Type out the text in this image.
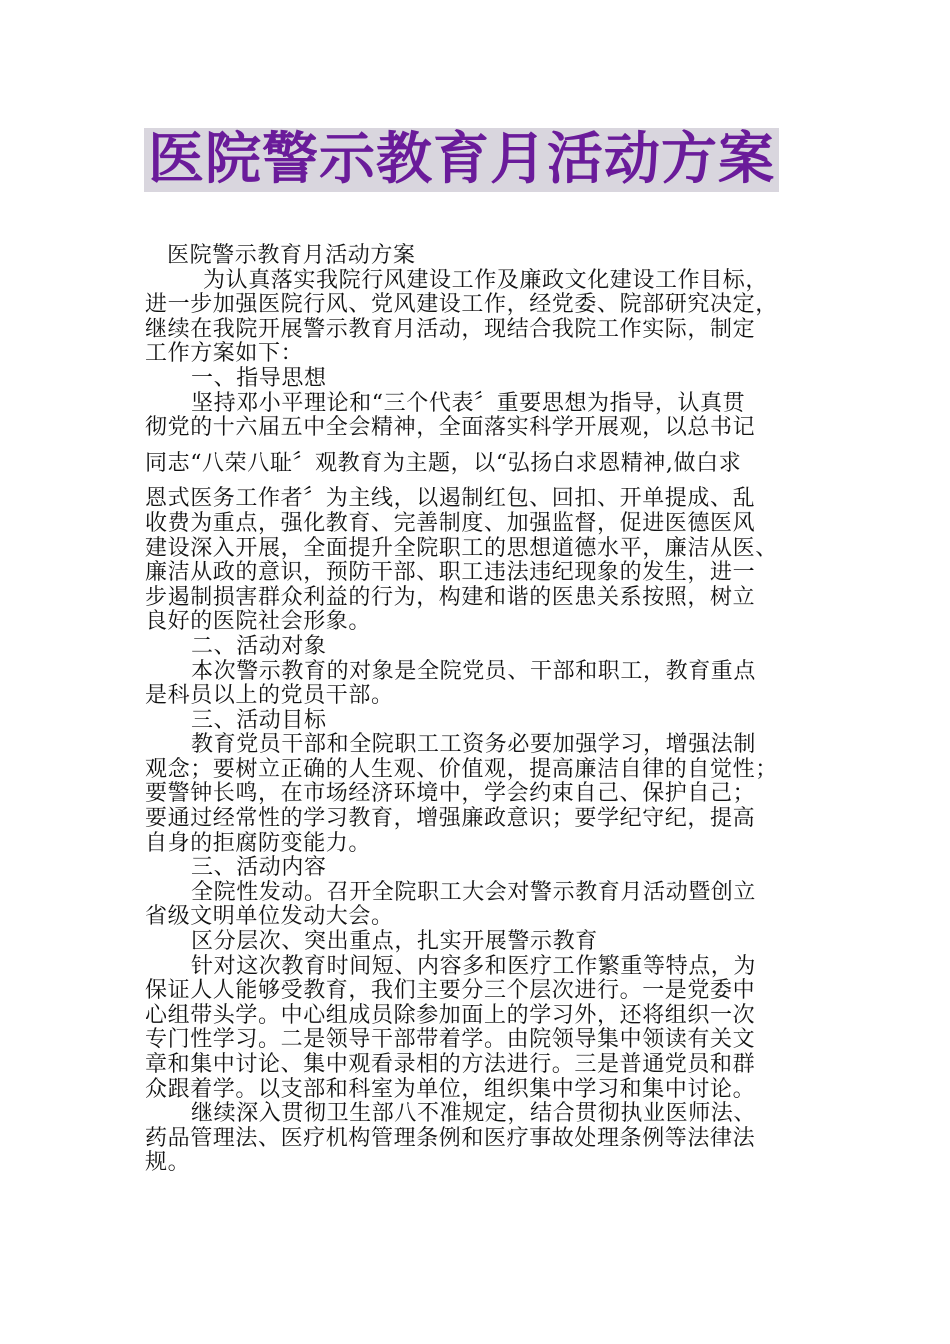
医院警示教育月活动方案

医院警示教育月活动方案

为认真落实我院行风建设工作及廉政文化建设工作目标，

进一步加强医院行风、党风建设工作，经党委、院部研究决定，

继续在我院开展警示教育月活动，现结合我院工作实际，制定

工作方案如下：

一、指导思想

坚持邓小平理论和“三个代表〞重要思想为指导，认真贯

彻党的十六届五中全会精神，全面落实科学开展观，以总书记

同志“八荣八耻〞观教育为主题，以“弘扬白求恩精神,做白求

恩式医务工作者〞为主线，以遏制红包、回扣、开单提成、乱

收费为重点，强化教育、完善制度、加强监督，促进医德医风

建设深入开展，全面提升全院职工的思想道德水平，廉洁从医、

廉洁从政的意识，预防干部、职工违法违纪现象的发生，进一

步遏制损害群众利益的行为，构建和谐的医患关系按照，树立

良好的医院社会形象。

二、活动对象

本次警示教育的对象是全院党员、干部和职工，教育重点

是科员以上的党员干部。

三、活动目标

教育党员干部和全院职工工资务必要加强学习，增强法制

观念；要树立正确的人生观、价值观，提高廉洁自律的自觉性；

要警钟长鸣，在市场经济环境中，学会约束自己、保护自己；

要通过经常性的学习教育，增强廉政意识；要学纪守纪，提高

自身的拒腐防变能力。

三、活动内容

全院性发动。召开全院职工大会对警示教育月活动暨创立

省级文明单位发动大会。

区分层次、突出重点，扎实开展警示教育

针对这次教育时间短、内容多和医疗工作繁重等特点，为

保证人人能够受教育，我们主要分三个层次进行。一是党委中

心组带头学。中心组成员除参加面上的学习外，还将组织一次

专门性学习。二是领导干部带着学。由院领导集中领读有关文

章和集中讨论、集中观看录相的方法进行。三是普通党员和群

众跟着学。以支部和科室为单位，组织集中学习和集中讨论。

继续深入贯彻卫生部八不准规定，结合贯彻执业医师法、

药品管理法、医疗机构管理条例和医疗事故处理条例等法律法

规。
